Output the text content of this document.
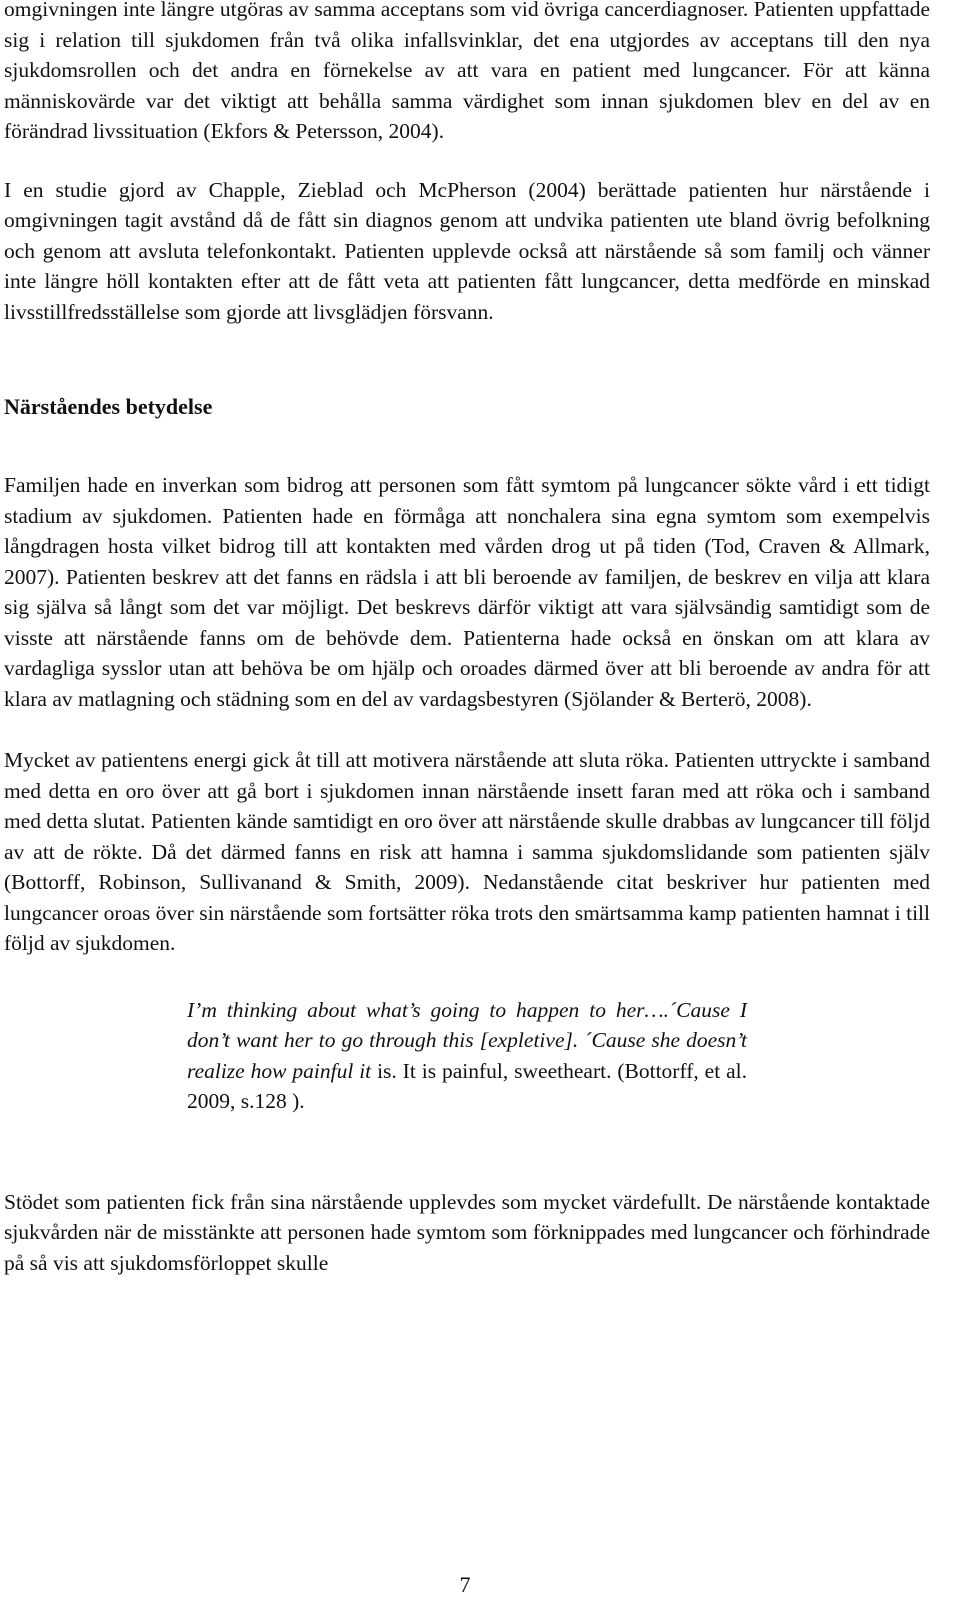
omgivningen inte längre utgöras av samma acceptans som vid övriga cancerdiagnoser. Patienten uppfattade sig i relation till sjukdomen från två olika infallsvinklar, det ena utgjordes av acceptans till den nya sjukdomsrollen och det andra en förnekelse av att vara en patient med lungcancer. För att känna människovärde var det viktigt att behålla samma värdighet som innan sjukdomen blev en del av en förändrad livssituation (Ekfors & Petersson, 2004).

I en studie gjord av Chapple, Zieblad och McPherson (2004) berättade patienten hur närstående i omgivningen tagit avstånd då de fått sin diagnos genom att undvika patienten ute bland övrig befolkning och genom att avsluta telefonkontakt. Patienten upplevde också att närstående så som familj och vänner inte längre höll kontakten efter att de fått veta att patienten fått lungcancer, detta medförde en minskad livsstillfredsställelse som gjorde att livsglädjen försvann.

Närståendes betydelse

Familjen hade en inverkan som bidrog att personen som fått symtom på lungcancer sökte vård i ett tidigt stadium av sjukdomen. Patienten hade en förmåga att nonchalera sina egna symtom som exempelvis långdragen hosta vilket bidrog till att kontakten med vården drog ut på tiden (Tod, Craven & Allmark, 2007). Patienten beskrev att det fanns en rädsla i att bli beroende av familjen, de beskrev en vilja att klara sig själva så långt som det var möjligt. Det beskrevs därför viktigt att vara självsändig samtidigt som de visste att närstående fanns om de behövde dem. Patienterna hade också en önskan om att klara av vardagliga sysslor utan att behöva be om hjälp och oroades därmed över att bli beroende av andra för att klara av matlagning och städning som en del av vardagsbestyren (Sjölander & Berterö, 2008).

Mycket av patientens energi gick åt till att motivera närstående att sluta röka. Patienten uttryckte i samband med detta en oro över att gå bort i sjukdomen innan närstående insett faran med att röka och i samband med detta slutat. Patienten kände samtidigt en oro över att närstående skulle drabbas av lungcancer till följd av att de rökte. Då det därmed fanns en risk att hamna i samma sjukdomslidande som patienten själv (Bottorff, Robinson, Sullivanand & Smith, 2009). Nedanstående citat beskriver hur patienten med lungcancer oroas över sin närstående som fortsätter röka trots den smärtsamma kamp patienten hamnat i till följd av sjukdomen.

I’m thinking about what’s going to happen to her….´Cause I don’t want her to go through this [expletive]. ´Cause she doesn’t realize how painful it is. It is painful, sweetheart. (Bottorff, et al. 2009, s.128 ).

Stödet som patienten fick från sina närstående upplevdes som mycket värdefullt. De närstående kontaktade sjukvården när de misstänkte att personen hade symtom som förknippades med lungcancer och förhindrade på så vis att sjukdomsförloppet skulle

7
